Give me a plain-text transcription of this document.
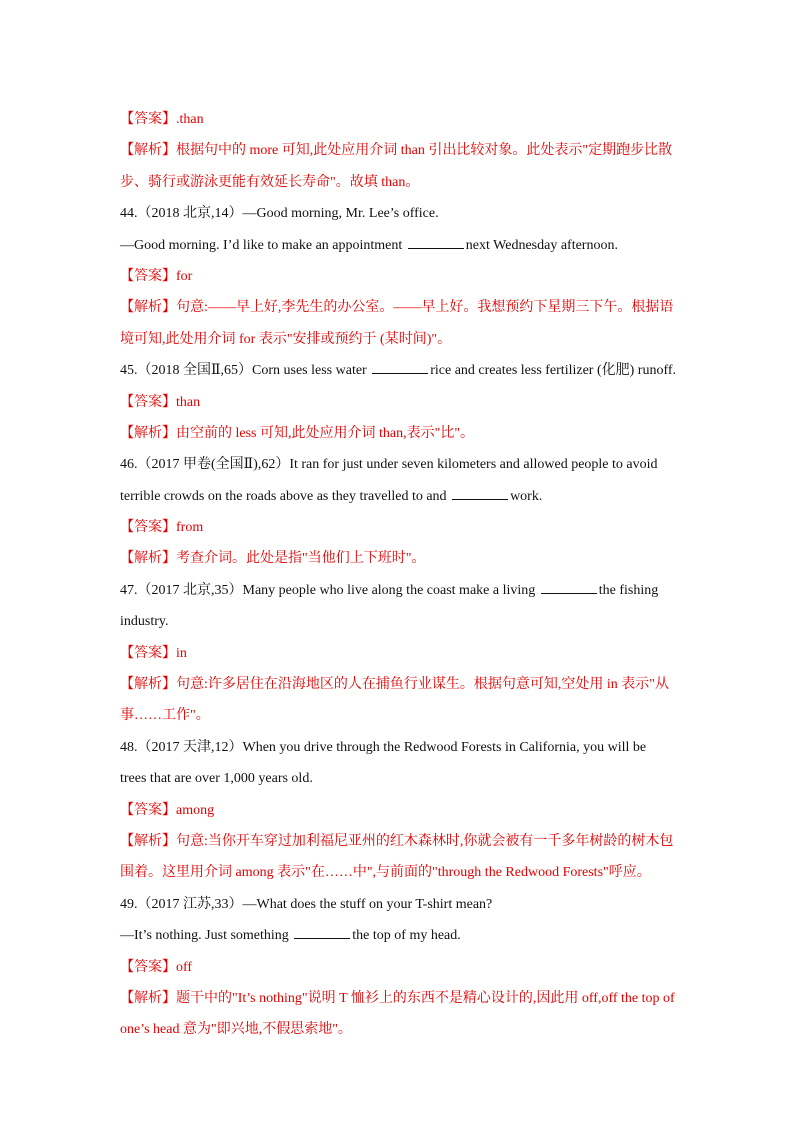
【答案】.than
【解析】根据句中的 more 可知,此处应用介词 than 引出比较对象。此处表示"定期跑步比散
步、骑行或游泳更能有效延长寿命"。故填 than。
44.（2018 北京,14）—Good morning, Mr. Lee’s office.
—Good morning. I’d like to make an appointment	next Wednesday afternoon.
【答案】for
【解析】句意:——早上好,李先生的办公室。——早上好。我想预约下星期三下午。根据语
境可知,此处用介词 for 表示"安排或预约于 (某时间)"。
45.（2018 全国Ⅱ,65）Corn uses less water	rice and creates less fertilizer (化肥) runoff.
【答案】than
【解析】由空前的 less 可知,此处应用介词 than,表示"比"。
46.（2017 甲卷(全国Ⅱ),62）It ran for just under seven kilometers and allowed people to avoid
terrible crowds on the roads above as they travelled to and	work.
【答案】from
【解析】考查介词。此处是指"当他们上下班时"。
47.（2017 北京,35）Many people who live along the coast make a living	the fishing
industry.
【答案】in
【解析】句意:许多居住在沿海地区的人在捕鱼行业谋生。根据句意可知,空处用 in 表示"从
事……工作"。
48.（2017 天津,12）When you drive through the Redwood Forests in California, you will be
trees that are over 1,000 years old.
【答案】among
【解析】句意:当你开车穿过加利福尼亚州的红木森林时,你就会被有一千多年树龄的树木包
围着。这里用介词 among 表示"在……中",与前面的"through the Redwood Forests"呼应。
49.（2017 江苏,33）—What does the stuff on your T-shirt mean?
—It’s nothing. Just something	the top of my head.
【答案】off
【解析】题干中的"It’s nothing"说明 T 恤衫上的东西不是精心设计的,因此用 off,off the top of
one’s head 意为"即兴地,不假思索地"。
